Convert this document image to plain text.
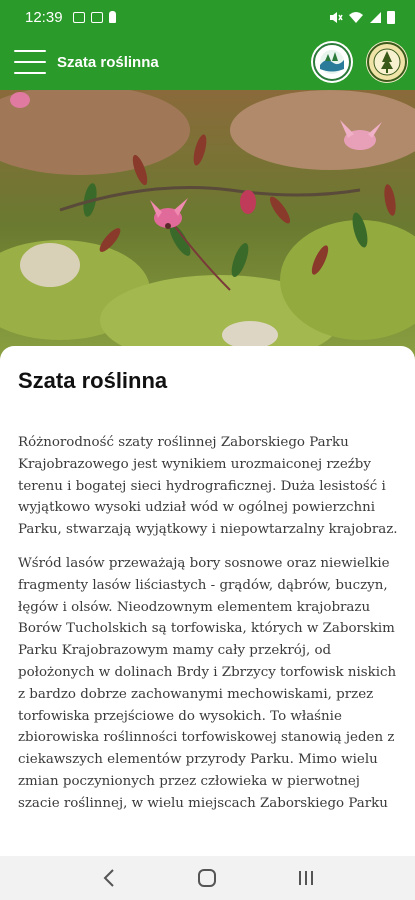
12:39
Szata roślinna
Szata roślinna

Różnorodność szaty roślinnej Zaborskiego Parku Krajobrazowego jest wynikiem urozmaiconej rzeźby terenu i bogatej sieci hydrograficznej. Duża lesistość i wyjątkowo wysoki udział wód w ogólnej powierzchni Parku, stwarzają wyjątkowy i niepowtarzalny krajobraz.

Wśród lasów przeważają bory sosnowe oraz niewielkie fragmenty lasów liściastych - grądów, dąbrów, buczyn, łęgów i olsów. Nieodzownym elementem krajobrazu Borów Tucholskich są torfowiska, których w Zaborskim Parku Krajobrazowym mamy cały przekrój, od położonych w dolinach Brdy i Zbrzycy torfowisk niskich z bardzo dobrze zachowanymi mechowiskami, przez torfowiska przejściowe do wysokich. To właśnie zbiorowiska roślinności torfowiskowej stanowią jeden z ciekawszych elementów przyrody Parku. Mimo wielu zmian poczynionych przez człowieka w pierwotnej szacie roślinnej, w wielu miejscach Zaborskiego Parku
